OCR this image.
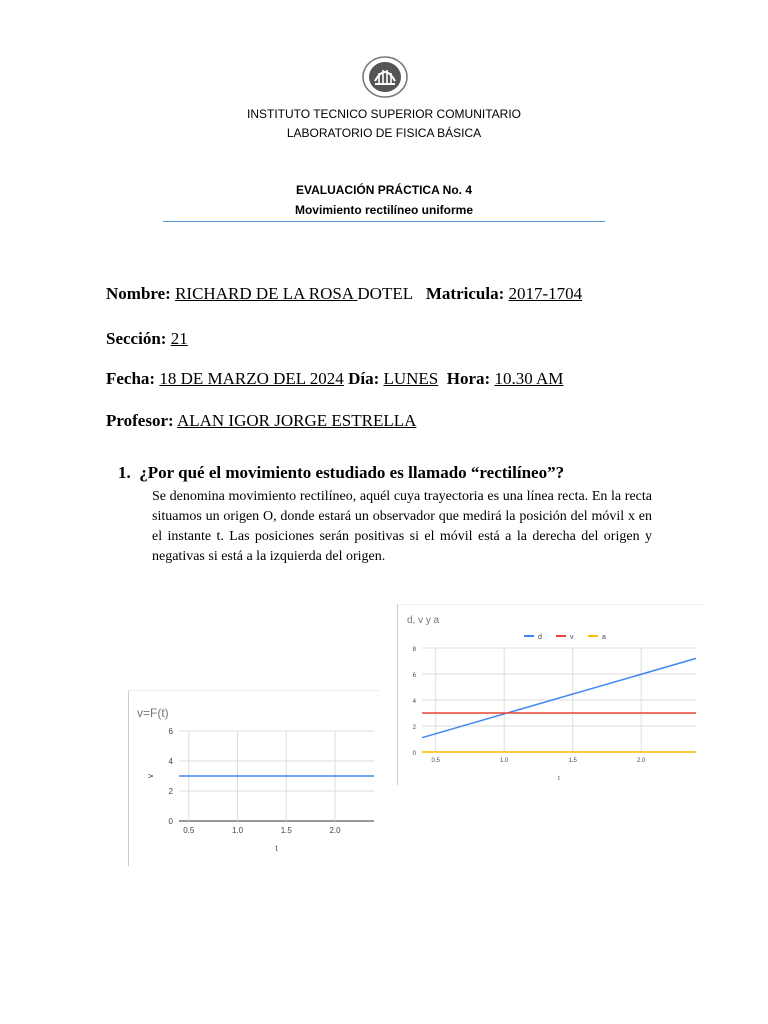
INSTITUTO TECNICO SUPERIOR COMUNITARIO
LABORATORIO DE FISICA BÁSICA
EVALUACIÓN PRÁCTICA No. 4
Movimiento rectilíneo uniforme
Nombre: RICHARD DE LA ROSA DOTEL Matricula: 2017-1704
Sección: 21
Fecha: 18 DE MARZO DEL 2024 Día: LUNES Hora: 10.30 AM
Profesor: ALAN IGOR JORGE ESTRELLA
1. ¿Por qué el movimiento estudiado es llamado “rectilíneo”?
Se denomina movimiento rectilíneo, aquél cuya trayectoria es una línea recta. En la recta situamos un origen O, donde estará un observador que medirá la posición del móvil x en el instante t. Las posiciones serán positivas si el móvil está a la derecha del origen y negativas si está a la izquierda del origen.
v=F(t)
0
2
4
6
0.5	1.0	1.5	2.0
t
v
d, v y a
0
2
4
6
8
0.5	1.0	1.5	2.0
t
d	v	a
